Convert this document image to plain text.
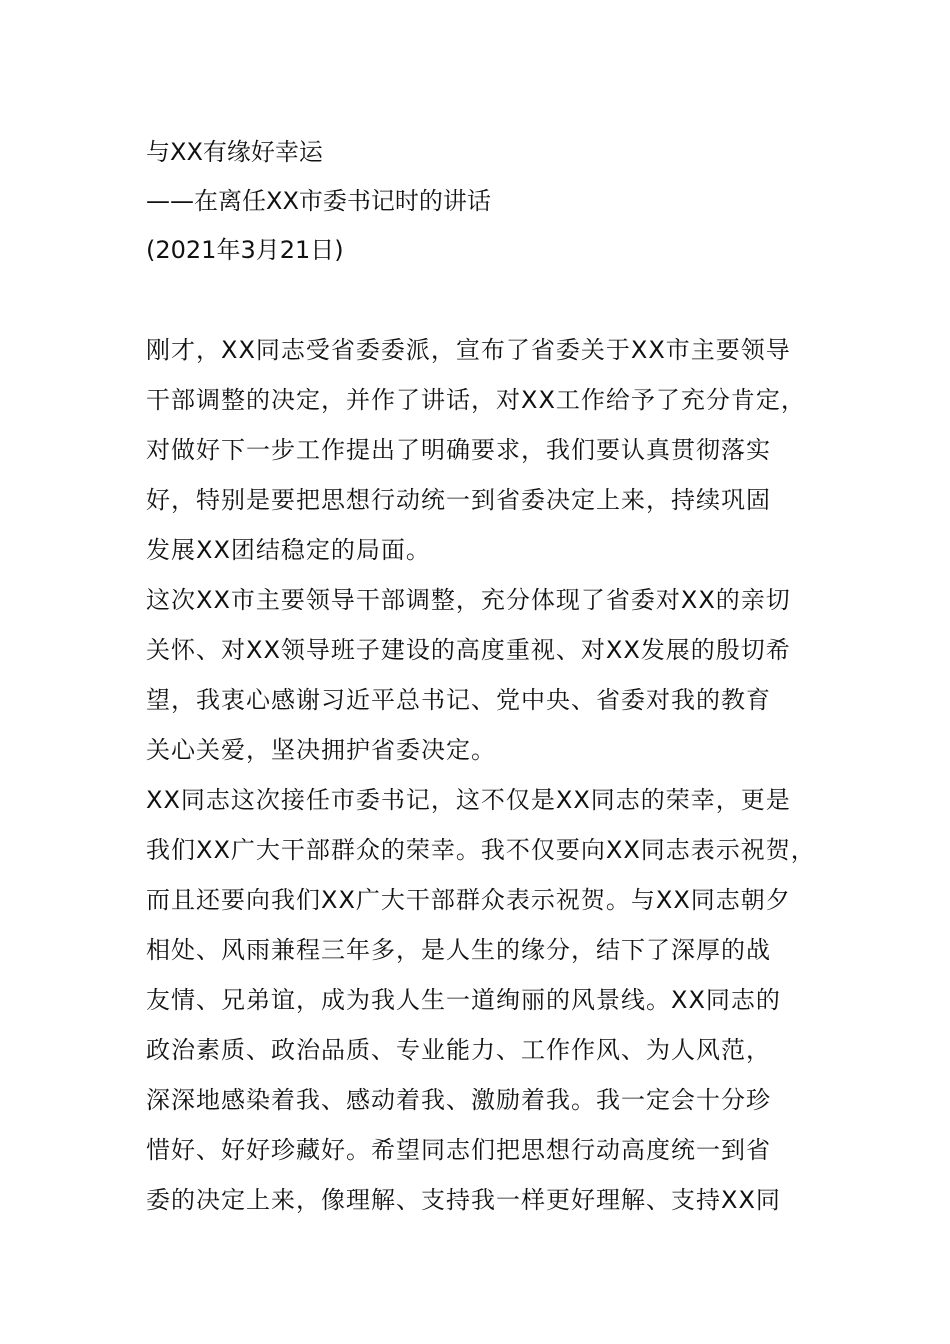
与XX有缘好幸运
——在离任XX市委书记时的讲话
(2021年3月21日)
刚才，XX同志受省委委派，宣布了省委关于XX市主要领导
干部调整的决定，并作了讲话，对XX工作给予了充分肯定，
对做好下一步工作提出了明确要求，我们要认真贯彻落实
好，特别是要把思想行动统一到省委决定上来，持续巩固
发展XX团结稳定的局面。
这次XX市主要领导干部调整，充分体现了省委对XX的亲切
关怀、对XX领导班子建设的高度重视、对XX发展的殷切希
望，我衷心感谢习近平总书记、党中央、省委对我的教育
关心关爱，坚决拥护省委决定。
XX同志这次接任市委书记，这不仅是XX同志的荣幸，更是
我们XX广大干部群众的荣幸。我不仅要向XX同志表示祝贺，
而且还要向我们XX广大干部群众表示祝贺。与XX同志朝夕
相处、风雨兼程三年多，是人生的缘分，结下了深厚的战
友情、兄弟谊，成为我人生一道绚丽的风景线。XX同志的
政治素质、政治品质、专业能力、工作作风、为人风范，
深深地感染着我、感动着我、激励着我。我一定会十分珍
惜好、好好珍藏好。希望同志们把思想行动高度统一到省
委的决定上来，像理解、支持我一样更好理解、支持XX同
